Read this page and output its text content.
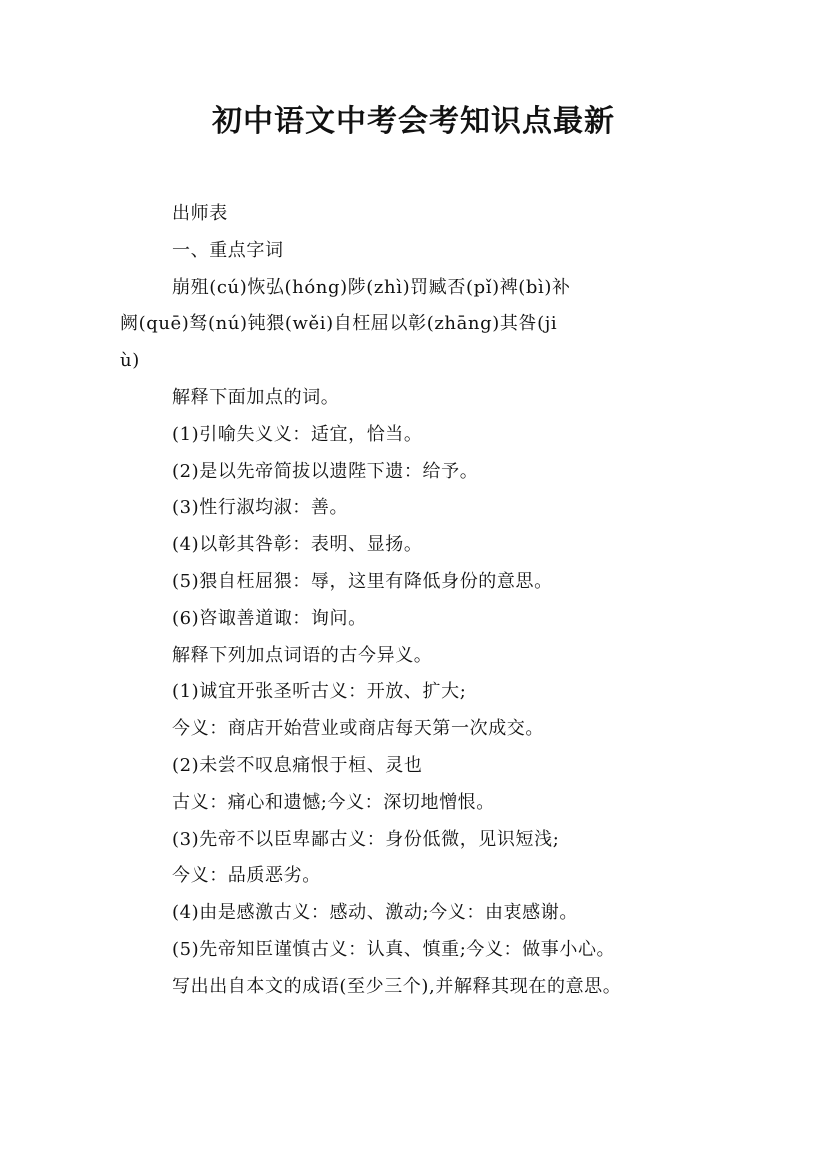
初中语文中考会考知识点最新
出师表
一、重点字词
崩殂(cú)恢弘(hóng)陟(zhì)罚臧否(pǐ)裨(bì)补
阙(quē)驽(nú)钝猥(wěi)自枉屈以彰(zhāng)其咎(ji
ù)
解释下面加点的词。
(1)引喻失义义：适宜，恰当。
(2)是以先帝简拔以遗陛下遗：给予。
(3)性行淑均淑：善。
(4)以彰其咎彰：表明、显扬。
(5)猥自枉屈猥：辱，这里有降低身份的意思。
(6)咨诹善道诹：询问。
解释下列加点词语的古今异义。
(1)诚宜开张圣听古义：开放、扩大;
今义：商店开始营业或商店每天第一次成交。
(2)未尝不叹息痛恨于桓、灵也
古义：痛心和遗憾;今义：深切地憎恨。
(3)先帝不以臣卑鄙古义：身份低微，见识短浅;
今义：品质恶劣。
(4)由是感激古义：感动、激动;今义：由衷感谢。
(5)先帝知臣谨慎古义：认真、慎重;今义：做事小心。
写出出自本文的成语(至少三个),并解释其现在的意思。
